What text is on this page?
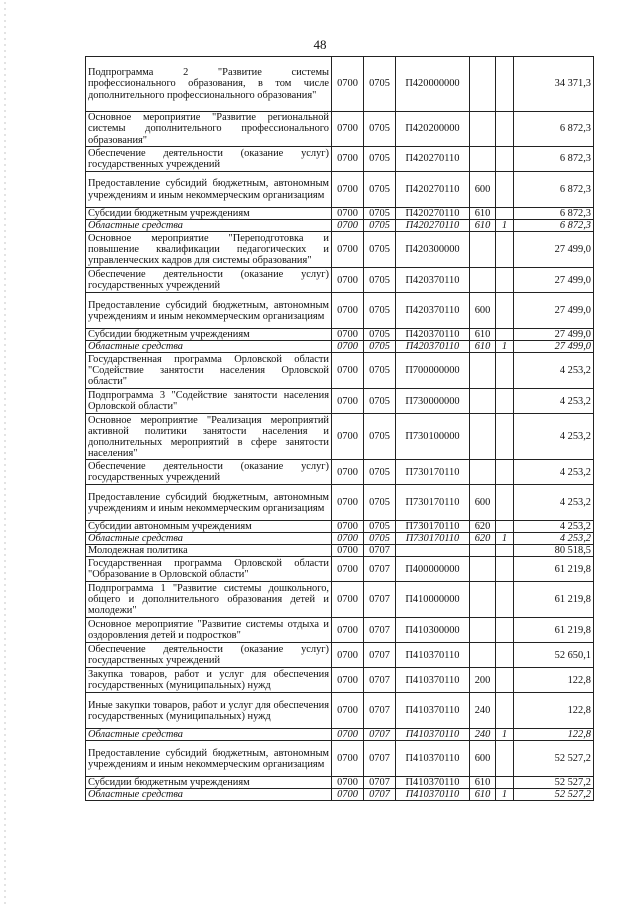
48
Подпрограмма 2 "Развитие системы профессионального образования, в том числе дополнительного профессионального образования"	0700	0705	П420000000			34 371,3
Основное мероприятие "Развитие региональной системы дополнительного профессионального образования"	0700	0705	П420200000			6 872,3
Обеспечение деятельности (оказание услуг) государственных учреждений	0700	0705	П420270110			6 872,3
Предоставление субсидий бюджетным, автономным учреждениям и иным некоммерческим организациям	0700	0705	П420270110	600		6 872,3
Субсидии бюджетным учреждениям	0700	0705	П420270110	610		6 872,3
Областные средства	0700	0705	П420270110	610	1	6 872,3
Основное мероприятие "Переподготовка и повышение квалификации педагогических и управленческих кадров для системы образования"	0700	0705	П420300000			27 499,0
Обеспечение деятельности (оказание услуг) государственных учреждений	0700	0705	П420370110			27 499,0
Предоставление субсидий бюджетным, автономным учреждениям и иным некоммерческим организациям	0700	0705	П420370110	600		27 499,0
Субсидии бюджетным учреждениям	0700	0705	П420370110	610		27 499,0
Областные средства	0700	0705	П420370110	610	1	27 499,0
Государственная программа Орловской области "Содействие занятости населения Орловской области"	0700	0705	П700000000			4 253,2
Подпрограмма 3 "Содействие занятости населения Орловской области"	0700	0705	П730000000			4 253,2
Основное мероприятие "Реализация мероприятий активной политики занятости населения и дополнительных мероприятий в сфере занятости населения"	0700	0705	П730100000			4 253,2
Обеспечение деятельности (оказание услуг) государственных учреждений	0700	0705	П730170110			4 253,2
Предоставление субсидий бюджетным, автономным учреждениям и иным некоммерческим организациям	0700	0705	П730170110	600		4 253,2
Субсидии автономным учреждениям	0700	0705	П730170110	620		4 253,2
Областные средства	0700	0705	П730170110	620	1	4 253,2
Молодежная политика	0700	0707				80 518,5
Государственная программа Орловской области "Образование в Орловской области"	0700	0707	П400000000			61 219,8
Подпрограмма 1 "Развитие системы дошкольного, общего и дополнительного образования детей и молодежи"	0700	0707	П410000000			61 219,8
Основное мероприятие "Развитие системы отдыха и оздоровления детей и подростков"	0700	0707	П410300000			61 219,8
Обеспечение деятельности (оказание услуг) государственных учреждений	0700	0707	П410370110			52 650,1
Закупка товаров, работ и услуг для обеспечения государственных (муниципальных) нужд	0700	0707	П410370110	200		122,8
Иные закупки товаров, работ и услуг для обеспечения государственных (муниципальных) нужд	0700	0707	П410370110	240		122,8
Областные средства	0700	0707	П410370110	240	1	122,8
Предоставление субсидий бюджетным, автономным учреждениям и иным некоммерческим организациям	0700	0707	П410370110	600		52 527,2
Субсидии бюджетным учреждениям	0700	0707	П410370110	610		52 527,2
Областные средства	0700	0707	П410370110	610	1	52 527,2
